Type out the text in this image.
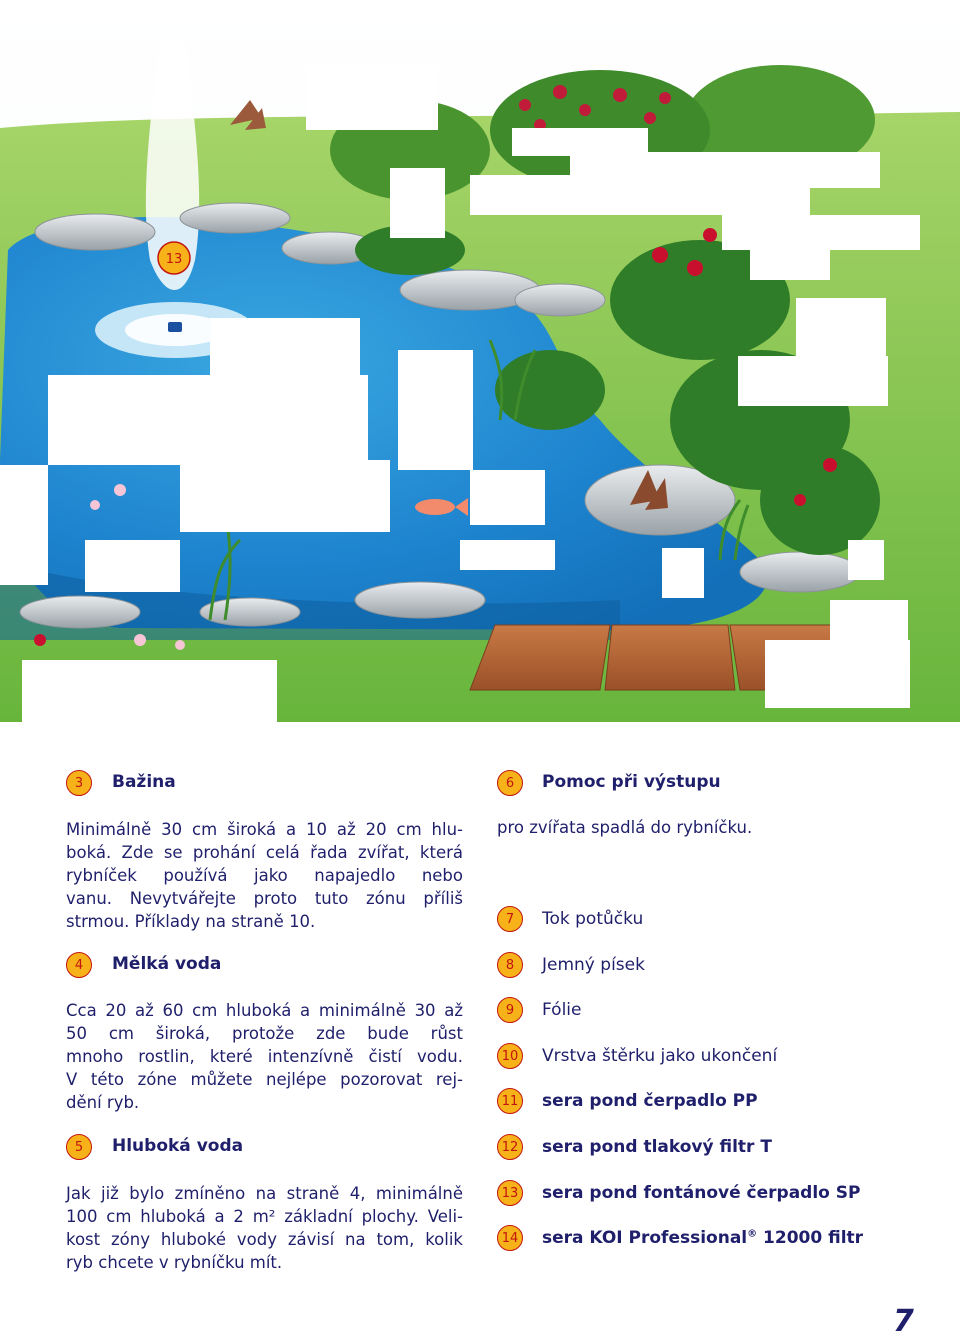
13
3	Bažina
Minimálně 30 cm široká a 10 až 20 cm hlu-
boká. Zde se prohání celá řada zvířat, která
rybníček používá jako napajedlo nebo
vanu. Nevytvářejte proto tuto zónu příliš
strmou. Příklady na straně 10.
4	Mělká voda
Cca 20 až 60 cm hluboká a minimálně 30 až
50 cm široká, protože zde bude růst
mnoho rostlin, které intenzívně čistí vodu.
V této zóne můžete nejlépe pozorovat rej-
dění ryb.
5	Hluboká voda
Jak již bylo zmíněno na straně 4, minimálně
100 cm hluboká a 2 m² základní plochy. Veli-
kost zóny hluboké vody závisí na tom, kolik
ryb chcete v rybníčku mít.
6	Pomoc při výstupu
pro zvířata spadlá do rybníčku.
7	Tok potůčku
8	Jemný písek
9	Fólie
10 Vrstva štěrku jako ukončení
11 sera pond čerpadlo PP
12 sera pond tlakový filtr T
13 sera pond fontánové čerpadlo SP
14 sera KOI Professional® 12000 filtr
7
